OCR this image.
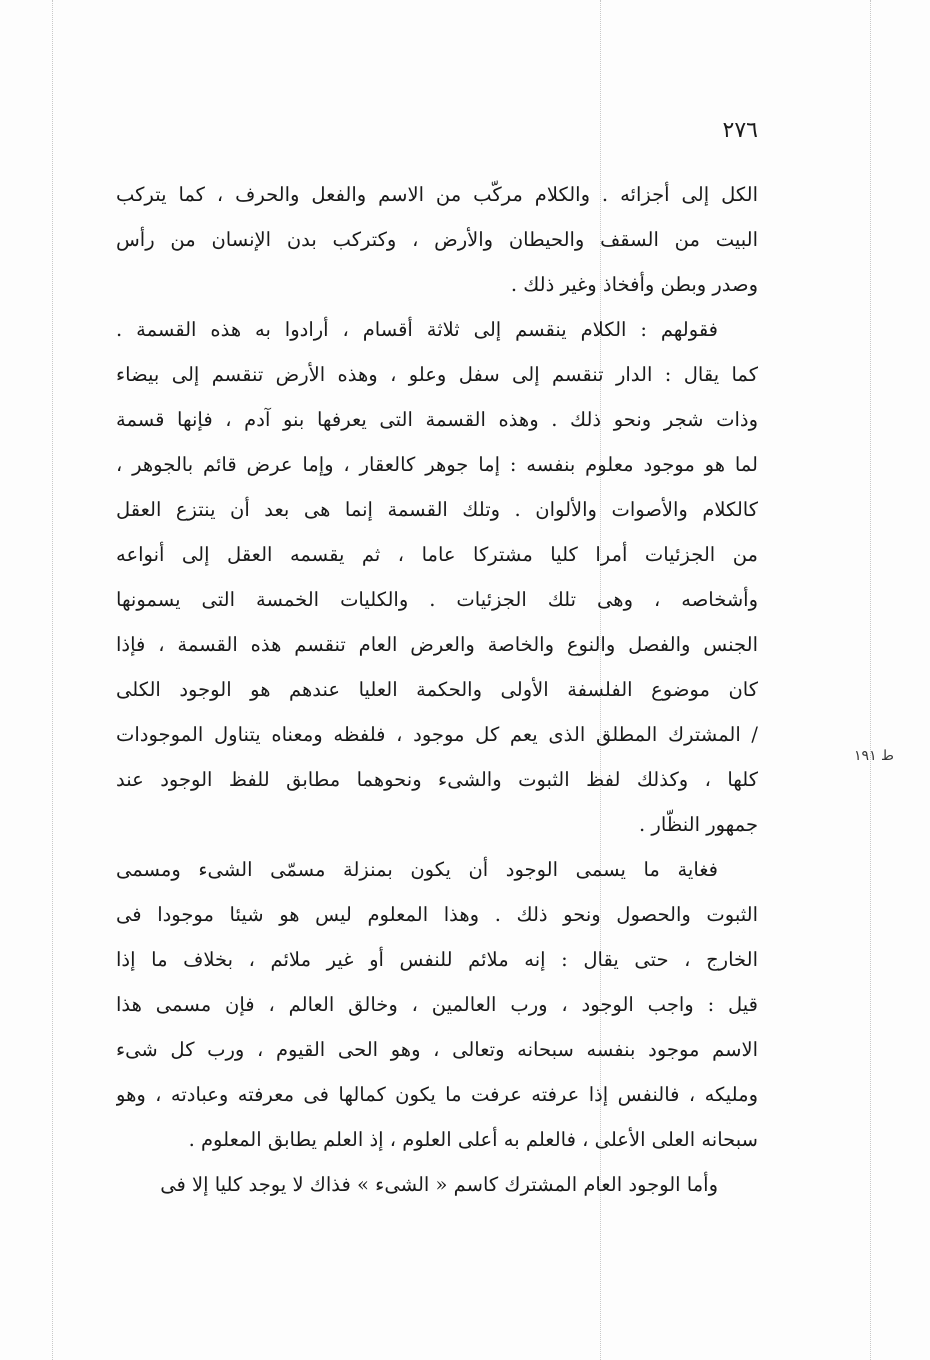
٢٧٦
ط ١٩١
الكل إلى أجزائه . والكلام مركّب من الاسم والفعل والحرف ، كما يتركب
البيت من السقف والحيطان والأرض ، وكتركب بدن الإنسان من رأس
وصدر وبطن وأفخاذ وغير ذلك .
فقولهم : الكلام ينقسم إلى ثلاثة أقسام ، أرادوا به هذه القسمة .
كما يقال : الدار تنقسم إلى سفل وعلو ، وهذه الأرض تنقسم إلى بيضاء
وذات شجر ونحو ذلك . وهذه القسمة التى يعرفها بنو آدم ، فإنها قسمة
لما هو موجود معلوم بنفسه : إما جوهر كالعقار ، وإما عرض قائم بالجوهر ،
كالكلام والأصوات والألوان . وتلك القسمة إنما هى بعد أن ينتزع العقل
من الجزئيات أمرا كليا مشتركا عاما ، ثم يقسمه العقل إلى أنواعه
وأشخاصه ، وهى تلك الجزئيات . والكليات الخمسة التى يسمونها
الجنس والفصل والنوع والخاصة والعرض العام تنقسم هذه القسمة ، فإذا
كان موضوع الفلسفة الأولى والحكمة العليا عندهم هو الوجود الكلى
/ المشترك المطلق الذى يعم كل موجود ، فلفظه ومعناه يتناول الموجودات
كلها ، وكذلك لفظ الثبوت والشىء ونحوهما مطابق للفظ الوجود عند
جمهور النظّار .
فغاية ما يسمى الوجود أن يكون بمنزلة مسمّى الشىء ومسمى
الثبوت والحصول ونحو ذلك . وهذا المعلوم ليس هو شيئا موجودا فى
الخارج ، حتى يقال : إنه ملائم للنفس أو غير ملائم ، بخلاف ما إذا
قيل : واجب الوجود ، ورب العالمين ، وخالق العالم ، فإن مسمى هذا
الاسم موجود بنفسه سبحانه وتعالى ، وهو الحى القيوم ، ورب كل شىء
ومليكه ، فالنفس إذا عرفته عرفت ما يكون كمالها فى معرفته وعبادته ، وهو
سبحانه العلى الأعلى ، فالعلم به أعلى العلوم ، إذ العلم يطابق المعلوم .
وأما الوجود العام المشترك كاسم « الشىء » فذاك لا يوجد كليا إلا فى
